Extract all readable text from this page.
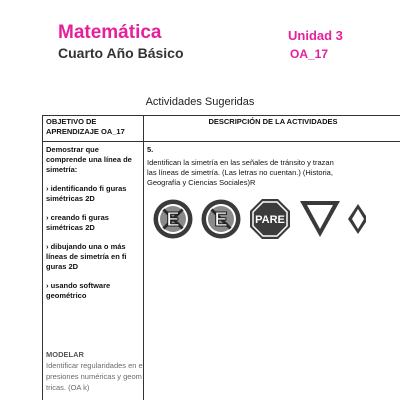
Matemática
Cuarto Año Básico
Unidad 3
OA_17
Actividades Sugeridas
OBJETIVO DE
APRENDIZAJE OA_17
DESCRIPCIÓN DE LA ACTIVIDADES

Demostrar que
comprende una línea de
simetría:

› identificando fi guras
simétricas 2D

› creando fi guras
simétricas 2D

› dibujando una o más
líneas de simetría en fi
guras 2D

› usando software
geométrico

MODELAR
Identificar regularidades en e
presiones numéricas y geom
tricas. (OA k)
5.
Identifican la simetría en las señales de tránsito y trazan
las líneas de simetría. (Las letras no cuentan.) (Historia,
Geografía y Ciencias Sociales)R
E E PARE
